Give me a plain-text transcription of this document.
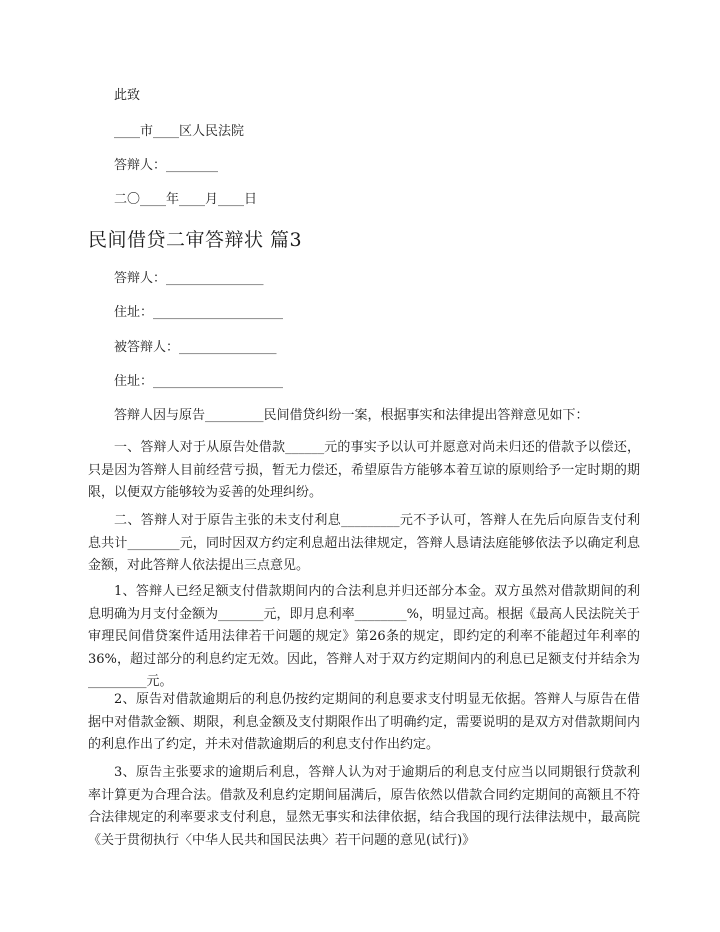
此致

____市____区人民法院

答辩人：________

二〇____年____月____日

民间借贷二审答辩状 篇3

答辩人：_______________

住址：____________________

被答辩人：_______________

住址：____________________

答辩人因与原告_________民间借贷纠纷一案，根据事实和法律提出答辩意见如下：

一、答辩人对于从原告处借款______元的事实予以认可并愿意对尚未归还的借款予以偿还，只是因为答辩人目前经营亏损，暂无力偿还，希望原告方能够本着互谅的原则给予一定时期的期限，以便双方能够较为妥善的处理纠纷。

二、答辩人对于原告主张的未支付利息_________元不予认可，答辩人在先后向原告支付利息共计________元，同时因双方约定利息超出法律规定，答辩人恳请法庭能够依法予以确定利息金额，对此答辩人依法提出三点意见。

1、答辩人已经足额支付借款期间内的合法利息并归还部分本金。双方虽然对借款期间的利息明确为月支付金额为_______元，即月息利率________%，明显过高。根据《最高人民法院关于审理民间借贷案件适用法律若干问题的规定》第26条的规定，即约定的利率不能超过年利率的36%，超过部分的利息约定无效。因此，答辩人对于双方约定期间内的利息已足额支付并结余为_________元。

2、原告对借款逾期后的利息仍按约定期间的利息要求支付明显无依据。答辩人与原告在借据中对借款金额、期限，利息金额及支付期限作出了明确约定，需要说明的是双方对借款期间内的利息作出了约定，并未对借款逾期后的利息支付作出约定。

3、原告主张要求的逾期后利息，答辩人认为对于逾期后的利息支付应当以同期银行贷款利率计算更为合理合法。借款及利息约定期间届满后，原告依然以借款合同约定期间的高额且不符合法律规定的利率要求支付利息，显然无事实和法律依据，结合我国的现行法律法规中，最高院《关于贯彻执行〈中华人民共和国民法典〉若干问题的意见(试行)》
